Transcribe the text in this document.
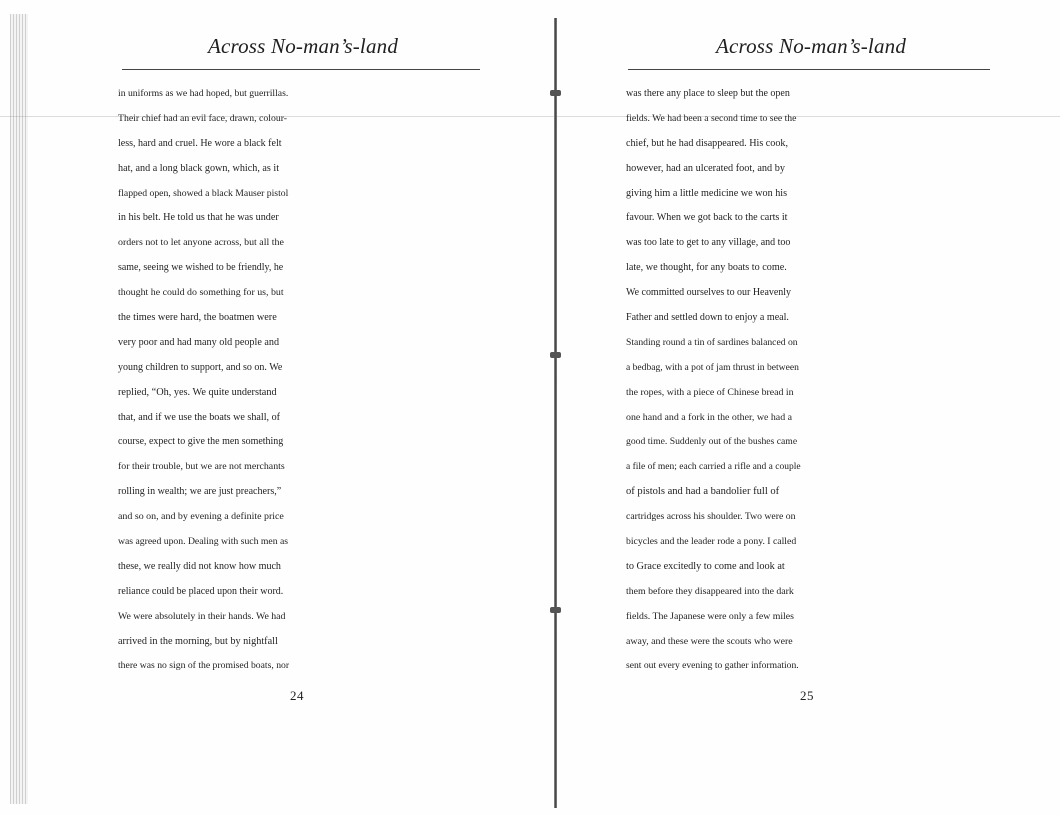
Across No-man’s-land
in uniforms as we had hoped, but guerrillas.
Their chief had an evil face, drawn, colour-
less, hard and cruel. He wore a black felt
hat, and a long black gown, which, as it
flapped open, showed a black Mauser pistol
in his belt. He told us that he was under
orders not to let anyone across, but all the
same, seeing we wished to be friendly, he
thought he could do something for us, but
the times were hard, the boatmen were
very poor and had many old people and
young children to support, and so on. We
replied, “Oh, yes. We quite understand
that, and if we use the boats we shall, of
course, expect to give the men something
for their trouble, but we are not merchants
rolling in wealth; we are just preachers,”
and so on, and by evening a definite price
was agreed upon. Dealing with such men as
these, we really did not know how much
reliance could be placed upon their word.
We were absolutely in their hands. We had
arrived in the morning, but by nightfall
there was no sign of the promised boats, nor
24
Across No-man’s-land
was there any place to sleep but the open
fields. We had been a second time to see the
chief, but he had disappeared. His cook,
however, had an ulcerated foot, and by
giving him a little medicine we won his
favour. When we got back to the carts it
was too late to get to any village, and too
late, we thought, for any boats to come.
We committed ourselves to our Heavenly
Father and settled down to enjoy a meal.
Standing round a tin of sardines balanced on
a bedbag, with a pot of jam thrust in between
the ropes, with a piece of Chinese bread in
one hand and a fork in the other, we had a
good time. Suddenly out of the bushes came
a file of men; each carried a rifle and a couple
of pistols and had a bandolier full of
cartridges across his shoulder. Two were on
bicycles and the leader rode a pony. I called
to Grace excitedly to come and look at
them before they disappeared into the dark
fields. The Japanese were only a few miles
away, and these were the scouts who were
sent out every evening to gather information.
25
